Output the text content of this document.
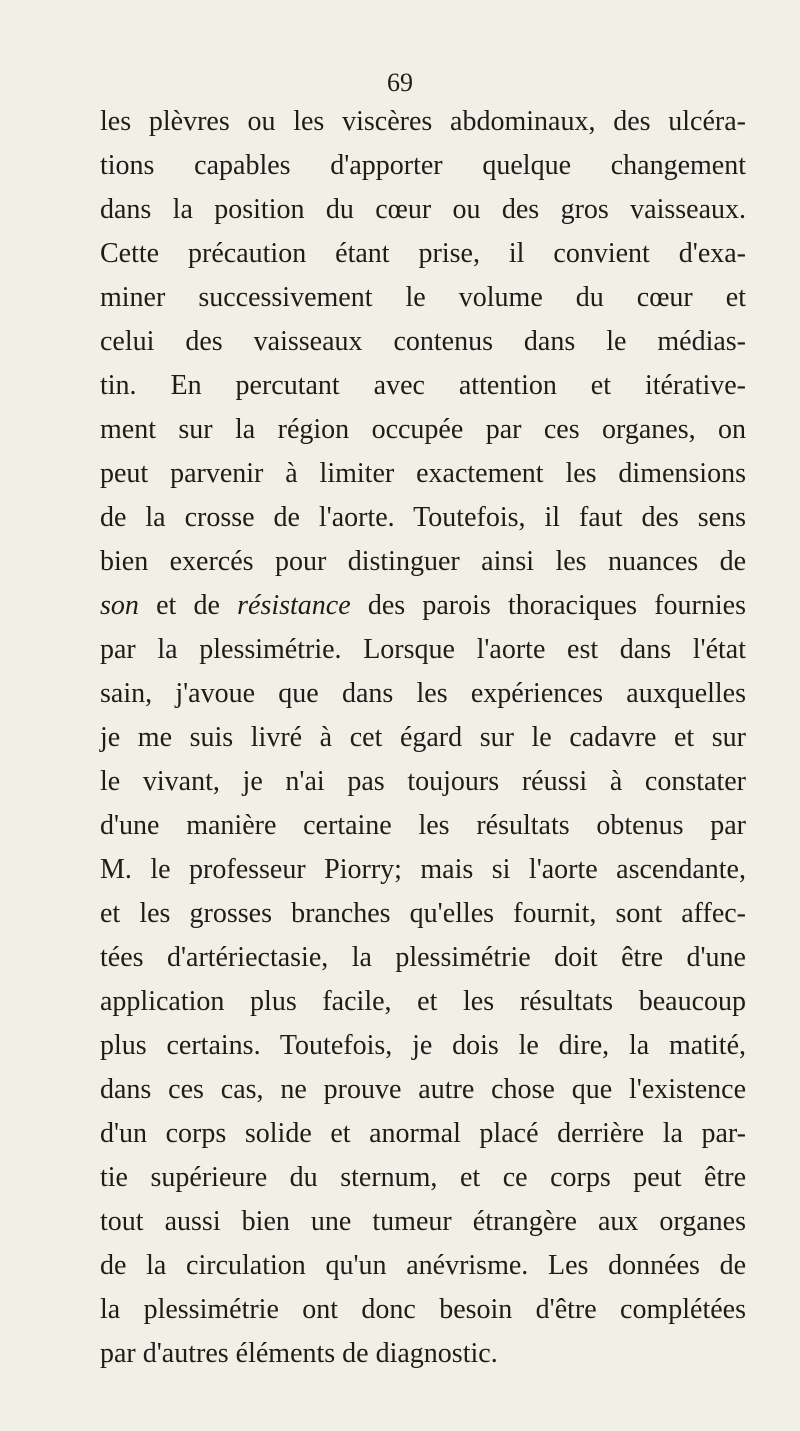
69
les plèvres ou les viscères abdominaux, des ulcéra-
tions capables d'apporter quelque changement
dans la position du cœur ou des gros vaisseaux.
Cette précaution étant prise, il convient d'exa-
miner successivement le volume du cœur et
celui des vaisseaux contenus dans le médias-
tin. En percutant avec attention et itérative-
ment sur la région occupée par ces organes, on
peut parvenir à limiter exactement les dimensions
de la crosse de l'aorte. Toutefois, il faut des sens
bien exercés pour distinguer ainsi les nuances de
son et de résistance des parois thoraciques fournies
par la plessimétrie. Lorsque l'aorte est dans l'état
sain, j'avoue que dans les expériences auxquelles
je me suis livré à cet égard sur le cadavre et sur
le vivant, je n'ai pas toujours réussi à constater
d'une manière certaine les résultats obtenus par
M. le professeur Piorry; mais si l'aorte ascendante,
et les grosses branches qu'elles fournit, sont affec-
tées d'artériectasie, la plessimétrie doit être d'une
application plus facile, et les résultats beaucoup
plus certains. Toutefois, je dois le dire, la matité,
dans ces cas, ne prouve autre chose que l'existence
d'un corps solide et anormal placé derrière la par-
tie supérieure du sternum, et ce corps peut être
tout aussi bien une tumeur étrangère aux organes
de la circulation qu'un anévrisme. Les données de
la plessimétrie ont donc besoin d'être complétées
par d'autres éléments de diagnostic.
